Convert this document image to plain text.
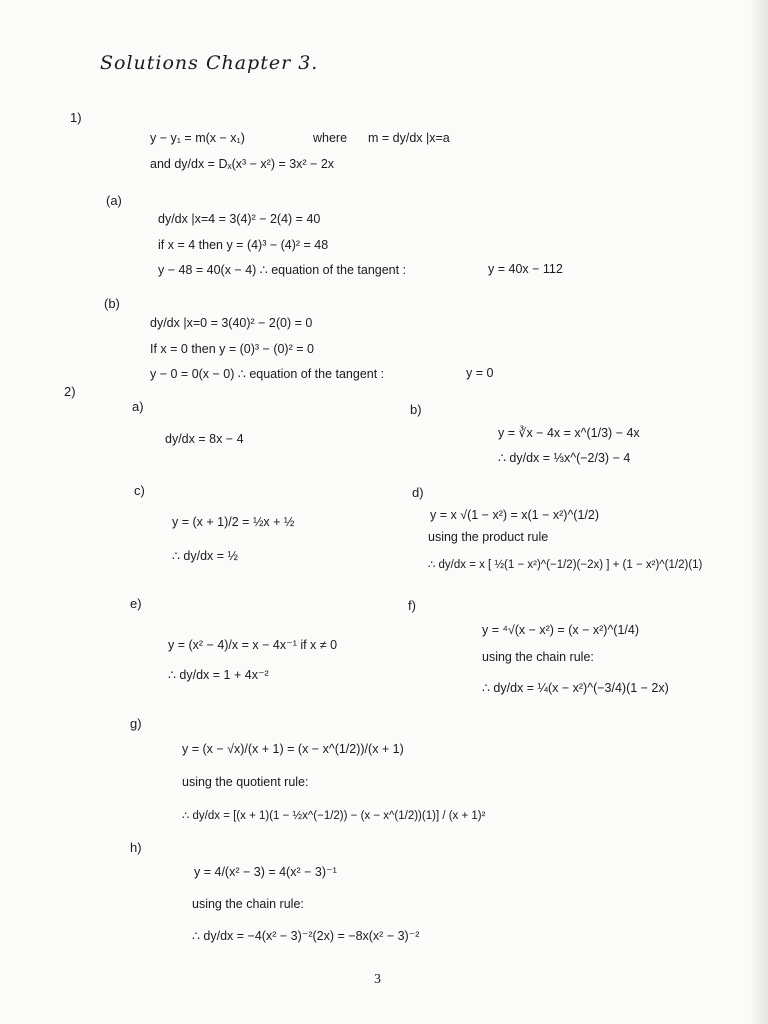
Solutions Chapter 3.
1)
y − y₁ = m(x − x₁)	where m = dy/dx |x=a
and dy/dx = Dₓ(x³ − x²) = 3x² − 2x
(a)
dy/dx |x=4 = 3(4)² − 2(4) = 40
if x = 4 then y = (4)³ − (4)² = 48
y − 48 = 40(x − 4) ∴ equation of the tangent :	y = 40x − 112
(b)
dy/dx |x=0 = 3(40)² − 2(0) = 0
If x = 0 then y = (0)³ − (0)² = 0
y − 0 = 0(x − 0) ∴ equation of the tangent :	y = 0
2)
a)
dy/dx = 8x − 4
b)
y = ∛x − 4x = x^(1/3) − 4x
∴ dy/dx = ⅓x^(−2/3) − 4
c)
y = (x + 1)/2 = ½x + ½
∴ dy/dx = ½
d)
y = x √(1 − x²) = x(1 − x²)^(1/2)
using the product rule
∴ dy/dx = x [ ½(1 − x²)^(−1/2)(−2x) ] + (1 − x²)^(1/2)(1)
e)
y = (x² − 4)/x = x − 4x⁻¹ if x ≠ 0
∴ dy/dx = 1 + 4x⁻²
f)
y = ⁴√(x − x²) = (x − x²)^(1/4)
using the chain rule:
∴ dy/dx = ¼(x − x²)^(−3/4)(1 − 2x)
g)
y = (x − √x)/(x + 1) = (x − x^(1/2))/(x + 1)
using the quotient rule:
∴ dy/dx = [(x + 1)(1 − ½x^(−1/2)) − (x − x^(1/2))(1)] / (x + 1)²
h)
y = 4/(x² − 3) = 4(x² − 3)⁻¹
using the chain rule:
∴ dy/dx = −4(x² − 3)⁻²(2x) = −8x(x² − 3)⁻²
3
